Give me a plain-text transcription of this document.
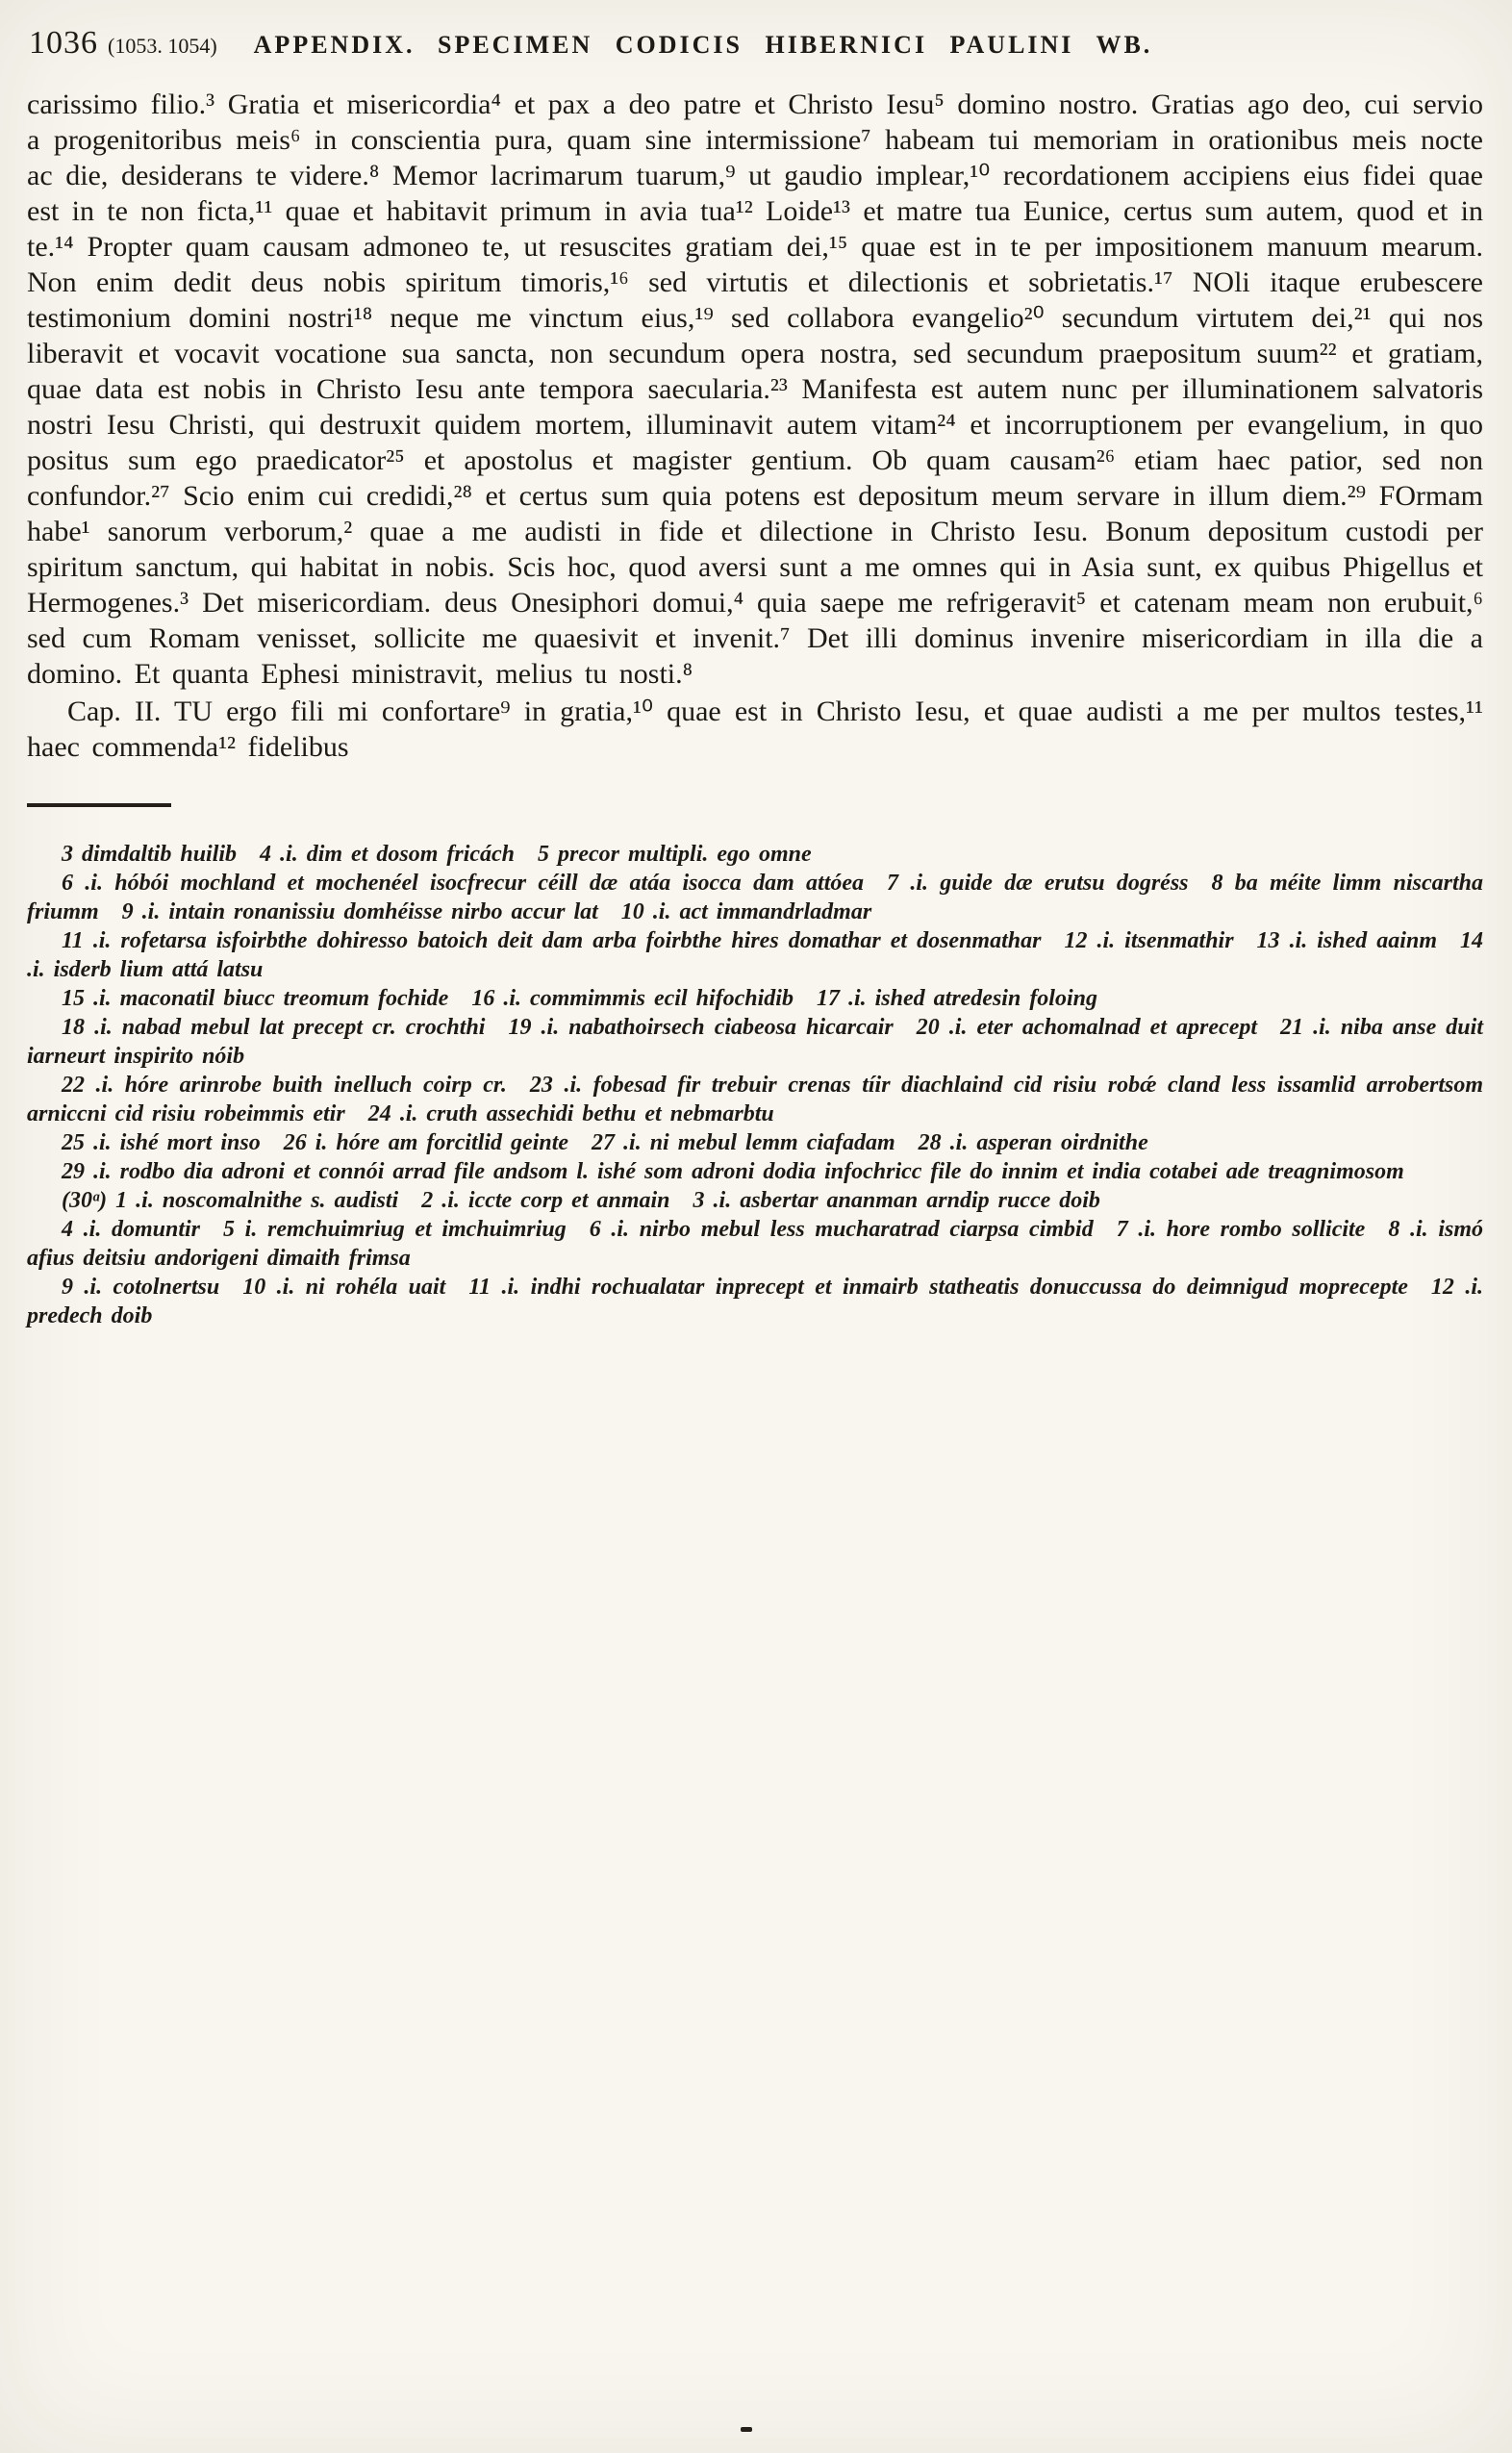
1036 (1053. 1054) APPENDIX. SPECIMEN CODICIS HIBERNICI PAULINI WB.

carissimo filio.³ Gratia et misericordia⁴ et pax a deo patre et Christo Iesu⁵ domino nostro. Gratias ago deo, cui servio a progenitoribus meis⁶ in conscientia pura, quam sine intermissione⁷ habeam tui memoriam in orationibus meis nocte ac die, desiderans te videre.⁸ Memor lacrimarum tuarum,⁹ ut gaudio implear,¹⁰ recordationem accipiens eius fidei quae est in te non ficta,¹¹ quae et habitavit primum in avia tua¹² Loide¹³ et matre tua Eunice, certus sum autem, quod et in te.¹⁴ Propter quam causam admoneo te, ut resuscites gratiam dei,¹⁵ quae est in te per impositionem manuum mearum. Non enim dedit deus nobis spiritum timoris,¹⁶ sed virtutis et dilectionis et sobrietatis.¹⁷ NOli itaque erubescere testimonium domini nostri¹⁸ neque me vinctum eius,¹⁹ sed collabora evangelio²⁰ secundum virtutem dei,²¹ qui nos liberavit et vocavit vocatione sua sancta, non secundum opera nostra, sed secundum praepositum suum²² et gratiam, quae data est nobis in Christo Iesu ante tempora saecularia.²³ Manifesta est autem nunc per illuminationem salvatoris nostri Iesu Christi, qui destruxit quidem mortem, illuminavit autem vitam²⁴ et incorruptionem per evangelium, in quo positus sum ego praedicator²⁵ et apostolus et magister gentium. Ob quam causam²⁶ etiam haec patior, sed non confundor.²⁷ Scio enim cui credidi,²⁸ et certus sum quia potens est depositum meum servare in illum diem.²⁹ FOrmam habe¹ sanorum verborum,² quae a me audisti in fide et dilectione in Christo Iesu. Bonum depositum custodi per spiritum sanctum, qui habitat in nobis. Scis hoc, quod aversi sunt a me omnes qui in Asia sunt, ex quibus Phigellus et Hermogenes.³ Det misericordiam. deus Onesiphori domui,⁴ quia saepe me refrigeravit⁵ et catenam meam non erubuit,⁶ sed cum Romam venisset, sollicite me quaesivit et invenit.⁷ Det illi dominus invenire misericordiam in illa die a domino. Et quanta Ephesi ministravit, melius tu nosti.⁸

Cap. II. TU ergo fili mi confortare⁹ in gratia,¹⁰ quae est in Christo Iesu, et quae audisti a me per multos testes,¹¹ haec commenda¹² fidelibus

3 dimdaltib huilib 4 .i. dim et dosom fricách 5 precor multipli. ego omne

6 .i. hóbói mochland et mochenéel isocfrecur céill dæ atáa isocca dam attóea 7 .i. guide dæ erutsu dogréss 8 ba méite limm niscartha friumm 9 .i. intain ronanissiu domhéisse nirbo accur lat 10 .i. act immandrladmar

11 .i. rofetarsa isfoirbthe dohiresso batoich deit dam arba foirbthe hires domathar et dosenmathar 12 .i. itsenmathir 13 .i. ished aainm 14 .i. isderb lium attá latsu

15 .i. maconatil biucc treomum fochide 16 .i. commimmis ecil hifochidib 17 .i. ished atredesin foloing

18 .i. nabad mebul lat precept cr. crochthi 19 .i. nabathoirsech ciabeosa hicarcair 20 .i. eter achomalnad et aprecept 21 .i. niba anse duit iarneurt inspirito nóib

22 .i. hóre arinrobe buith inelluch coirp cr. 23 .i. fobesad fir trebuir crenas tíir diachlaind cid risiu robǽ cland less issamlid arrobertsom arniccni cid risiu robeimmis etir 24 .i. cruth assechidi bethu et nebmarbtu

25 .i. ishé mort inso 26 i. hóre am forcitlid geinte 27 .i. ni mebul lemm ciafadam 28 .i. asperan oirdnithe

29 .i. rodbo dia adroni et connói arrad file andsom l. ishé som adroni dodia infochricc file do innim et india cotabei ade treagnimosom

(30ᵃ) 1 .i. noscomalnithe s. audisti 2 .i. iccte corp et anmain 3 .i. asbertar ananman arndip rucce doib

4 .i. domuntir 5 i. remchuimriug et imchuimriug 6 .i. nirbo mebul less mucharatrad ciarpsa cimbid 7 .i. hore rombo sollicite 8 .i. ismó afius deitsiu andorigeni dimaith frimsa

9 .i. cotolnertsu 10 .i. ni rohéla uait 11 .i. indhi rochualatar inprecept et inmairb statheatis donuccussa do deimnigud moprecepte 12 .i. predech doib
